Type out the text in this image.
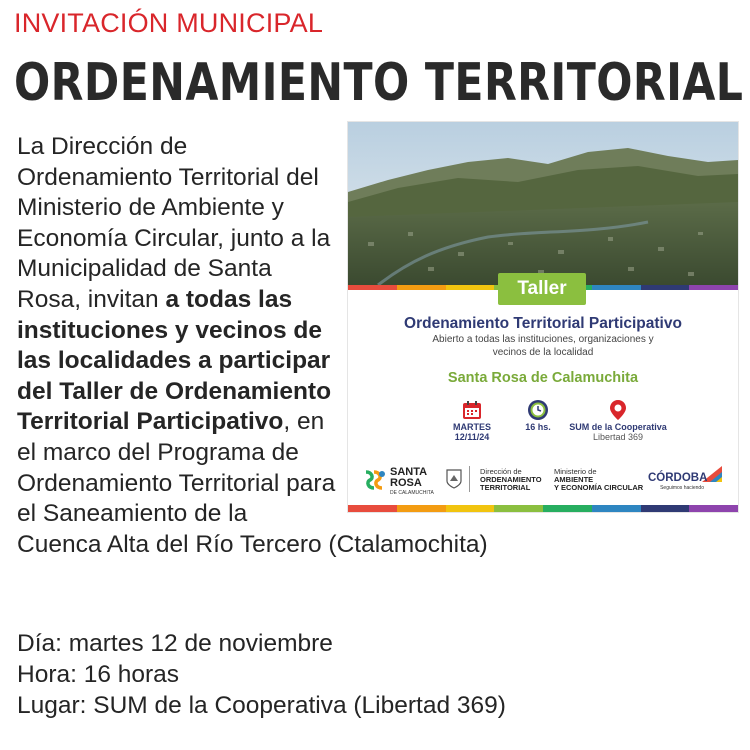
INVITACIÓN MUNICIPAL
ORDENAMIENTO TERRITORIAL

La Dirección de Ordenamiento Territorial del Ministerio de Ambiente y Economía Circular, junto a la Municipalidad de Santa Rosa, invitan a todas las instituciones y vecinos de las localidades a participar del Taller de Ordenamiento Territorial Participativo, en el marco del Programa de Ordenamiento Territorial para el Saneamiento de la Cuenca Alta del Río Tercero (Ctalamochita)

Día: martes 12 de noviembre
Hora: 16 horas
Lugar: SUM de la Cooperativa (Libertad 369)
Taller
Ordenamiento Territorial Participativo
Abierto a todas las instituciones, organizaciones y vecinos de la localidad
Santa Rosa de Calamuchita
MARTES
12/11/24
16 hs.	SUM de la Cooperativa
Libertad 369
SANTA
ROSA
DE CALAMUCHITA
Dirección de
ORDENAMIENTO
TERRITORIAL
Ministerio de
AMBIENTE
Y ECONOMÍA CIRCULAR
CÓRDOBA
Seguimos haciendo
